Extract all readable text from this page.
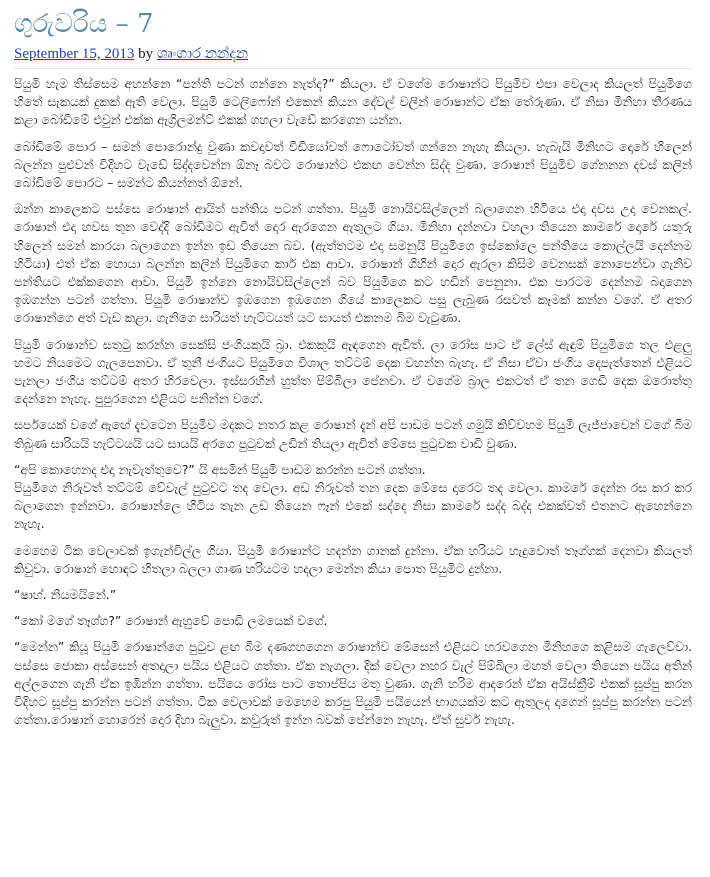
ගුරුවරිය – 7
September 15, 2013 by ශෘංගාර නන්දන

පියුමි හැම තිස්සෙම අහන්නෙ “පන්ති පටන් ගන්නෙ නැත්ද?” කියලා. ඒ වගේම රොෂාන්ට පියුමිව එපා වෙලාද කියලත් පියුමිගෙ හිතේ සැකයක් දුකක් ඇති වෙලා. පියුමි ටෙලිෆෝන් එකෙන් කියන දේවල් වලින් රොෂාන්ට ඒක තේරුණා. ඒ නිසා මිනිහා තීරණය කළා බෝඩිමේ එවුන් එක්ක ඇග්‍රිලමන්ට් එකක් ගහලා වැඩේ කරගෙන යන්න.

බෝඩිමේ පොර – සමන් පොරොන්දු වුණා කවදාවත් වීඩියෝවත් ෆොටෝවත් ගන්නෙ නැහැ කියලා. හැබැයි මිනිහට දොරේ හිලෙන් බලන්න පුළුවන් විදිහට වැඩේ සිද්දවෙන්න ඕනෑ බවට රොෂාන්ට එකඟ වෙන්න සිද්ද වුණා. රොෂාන් පියුමිව ගේනනන දවස් කලින් බෝඩිමේ පොරට – සමන්ට කියන්නත් ඕනේ.

ඔන්න කාලෙකට පස්සෙ රොෂාන් ආයිත් පන්තිය පටන් ගත්තා. පියුමි නොයිවසිල්ලෙන් බලාගෙන හිටියෙ එදා දවස උදා වෙනකල්. රොෂාන් එදා හවස තුන වෙද්දි බෝඩිමට ඇවිත් දොර ඇරගෙන ඇතුලට ගියා. මිනිහා දන්නවා වහලා තියෙන කාමරේ දොරේ යතුරු හිලෙන් සමන් කාරයා බලාගෙන ඉන්න ඉඩ තියෙන බව. (ඇත්තටම එදා සමනුයි පියුමිගෙ ඉස්කෝලෙ පන්තියෙ කොල්ලයි දෙන්නම හිටියා) එත් ඒක හොයා බලන්න කලින් පියුමිගෙ කාර් එක ආවා. රොෂාන් ගිහින් දොර ඇරලා කිසිම වෙනසක් නොපෙන්වා ගැනිව පන්තියට එක්කගෙන ආවා. පියුමි ඉන්නෙ නොයිවසිල්ලෙන් බව පියුමිගෙ කට හඩින් පෙනුනා. එක පාරටම දෙන්නම බදාගෙන ඉඹගන්න පටන් ගත්තා. පියුමි රොෂාන්ව ඉඹගෙන ඉඹගෙන ගියේ කාලෙකට පසු ලැබුණ රසවත් කෑමක් කන්න වගේ. ඒ අතර රොෂාන්ගෙ අත් වැඩ කළා. ගැනිගෙ සාරියත් හැට්ටයත් යට සායත් එකනම බිම වැටුණා.

පියුමි රොෂාන්ව සතුටු කරන්න සෙක්සි ජංගියකුයි බ්‍රා. එකකුයි ඇඳගෙන ඇවිත්. ලා රෝස පාට ඒ ලේස් ඇඳුම් පියුමිගෙ තල එළලු හමට නියමෙට ගැලපෙනවා. ඒ තුනී ජංගියට පියුමිගෙ විශාල තට්ටම් දෙක වහන්න බැහැ. ඒ නිසා ඒවා ජංගිය දෙපැත්තෙන් එළියට පැනලා ජංගිය තට්ටම් අතර හිරවෙලා. ඉස්සරහින් හුත්ත පිම්බිලා පේනවා. ඒ වගේම බ්‍රාල එකටත් ඒ තන ගෙඩි දෙක ඔරොත්තු දෙන්නෙ නැහැ. පුපුරගෙන එළියට පනින්න වගේ.

සර්පයෙක් වගේ ඇඟේ දැවටෙන පියුමිව මදකට නතර කළ රොෂාන් දැන් අපි පාඩම පටන් ගමුයි කිව්වහම පියුමි ලැජ්ජාවෙන් වගේ බිම තිබුණ සාරියයි හැට්ටයයි යට සායයි අරගෙ පුටුවක් උඩින් තියලා ඇවිත් මේසෙ පුටුවක වාඩි වුණා.

“අපි කොහෙනද එදා නැවැත්තුවෙ?” යි අසමින් පියුමි පාඩම කරන්න පටන් ගත්තා.
පියුමිගෙ නිරුවත් තට්ටම් වේවැල් පුටුවට තද වෙලා. අඩ නිරුවත් තන දෙක මේසෙ දාරෙට තද වෙලා. කාමරේ දෙන්න රස කර කර බලාගෙන ඉන්නවා. රොෂාන්ලෙ හිටිය තැන උඩ තියෙන ෆෑන් එකේ සද්දෙ නිසා කාමරේ සද්ද බද්ද එකක්වත් එතනට ඇහෙන්නෙ නැහැ.

මෙහෙම ටික වෙලාවක් ඉගැන්විල්ල ගියා. පියුමි රොෂාන්ට හදන්න ගානක් දුන්නා. ඒක හරියට හැදුවොත් තෑග්ගක් දෙනවා කියලත් කිවුවා. රොෂාන් හොඳට හිතලා බලලා ගාණ හරියටම හදලා මෙන්න කියා පොත පියුමිට දුන්නා.

“ෂාහ්. නියමයිනේ.”

“කෝ මගේ තෑග්ග?” රොෂාන් ඇහුවේ පොඩි ලමයෙක් වගේ.

“මෙන්න” කියූ පියුමි රොෂාන්ගෙ පුටුව ළඟ බිම දණගහගෙන රොෂාන්ව මේසෙන් එළියට හරවගෙන මිනිහගෙ කළිසම ගැලෙව්වා. පස්සෙ ජොකා අස්සෙන් අතදාලා පයිය එළියට ගත්තා. ඒක නැගලා. දික් වෙලා නහර වැල් පිම්බිලා මහත් වෙලා තියෙන පයිය අතින් අල්ලගෙන ගැනි ඒක ඉඹින්න ගත්තා. පයියෙ රෝස පාට තොප්පිය මතු වුණා. ගැනි හරිම ආදරෙන් ඒක අයිස්ක්‍රීම් එකක් සූප්පු කරන විදිහට සූප්පු කරන්න පටන් ගත්තා. ටික වෙලාවක් මෙහෙම කරපු පියුමි පයියෙන් භාගයක්ම කට ඇතුලද දාගෙන් සූප්පු කරන්න පටන් ගත්තා.රොෂාන් හොරෙන් දොර දිහා බැලුවා. කවුරුත් ඉන්න බවක් පේන්නෙ නැහැ. ඒත් සුවර් නැහැ.
